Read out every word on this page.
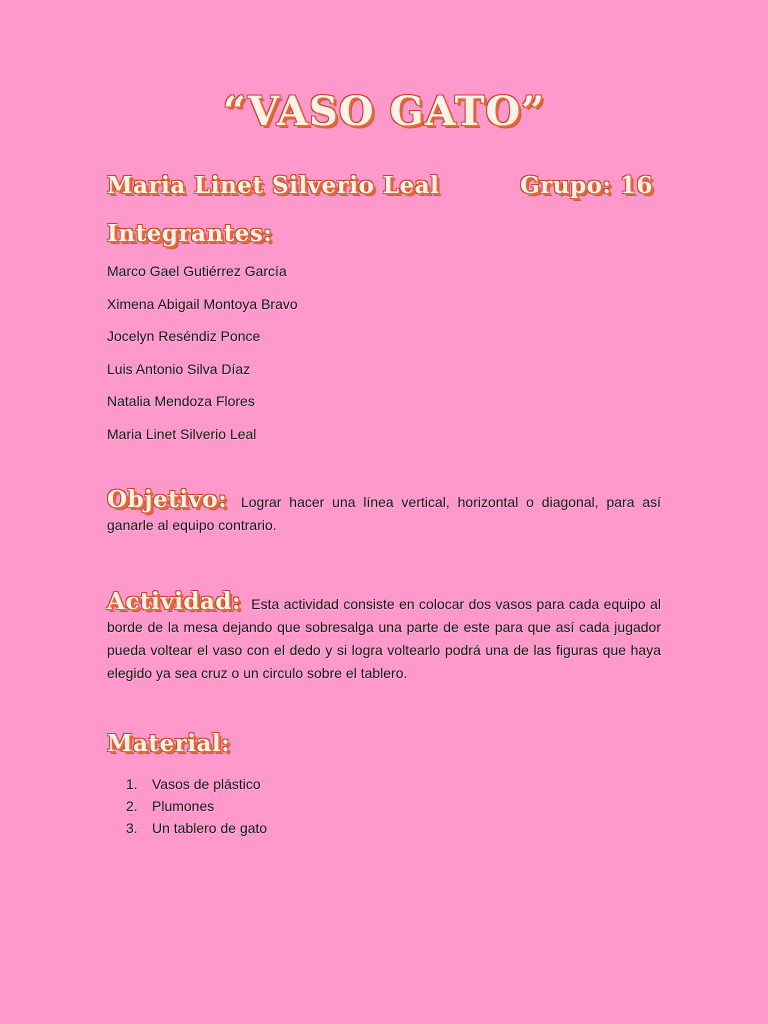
“VASO GATO”
Maria Linet Silverio Leal	Grupo: 16
Integrantes:
Marco Gael Gutiérrez García
Ximena Abigail Montoya Bravo
Jocelyn Reséndiz Ponce
Luis Antonio Silva Díaz
Natalia Mendoza Flores
Maria Linet Silverio Leal
Objetivo: Lograr hacer una línea vertical, horizontal o diagonal, para así ganarle al equipo contrario.
Actividad: Esta actividad consiste en colocar dos vasos para cada equipo al borde de la mesa dejando que sobresalga una parte de este para que así cada jugador pueda voltear el vaso con el dedo y si logra voltearlo podrá una de las figuras que haya elegido ya sea cruz o un circulo sobre el tablero.
Material:
1. Vasos de plástico
2. Plumones
3. Un tablero de gato
